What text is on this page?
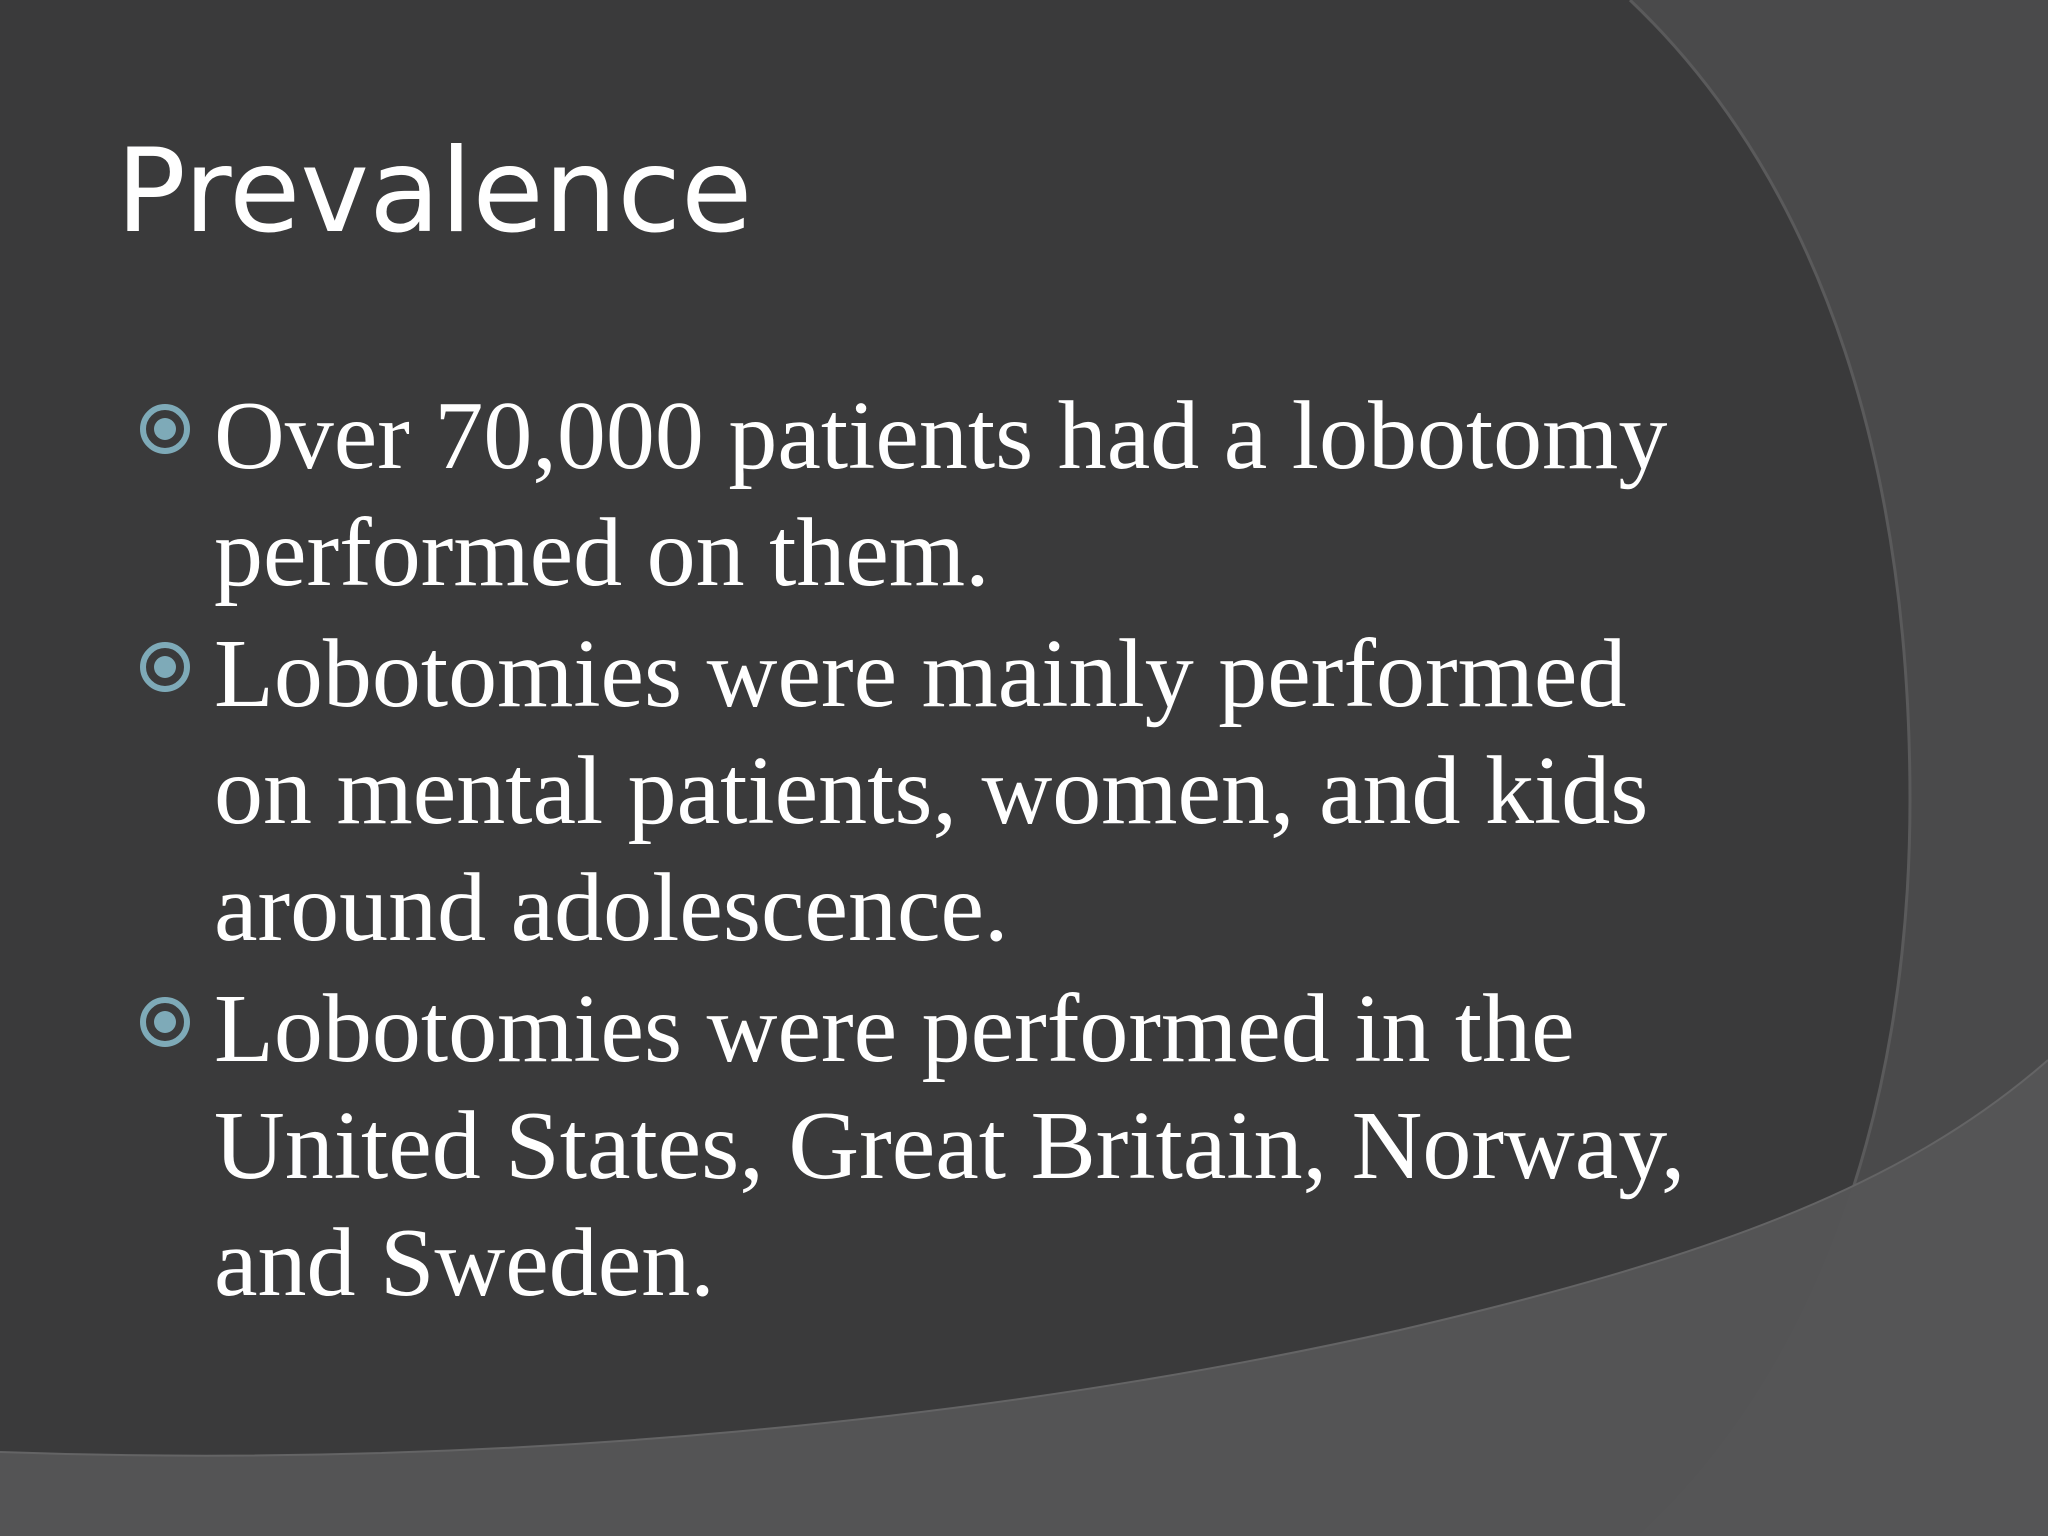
Prevalence
Over 70,000 patients had a lobotomy performed on them.
Lobotomies were mainly performed on mental patients, women, and kids around adolescence.
Lobotomies were performed in the United States, Great Britain, Norway, and Sweden.
